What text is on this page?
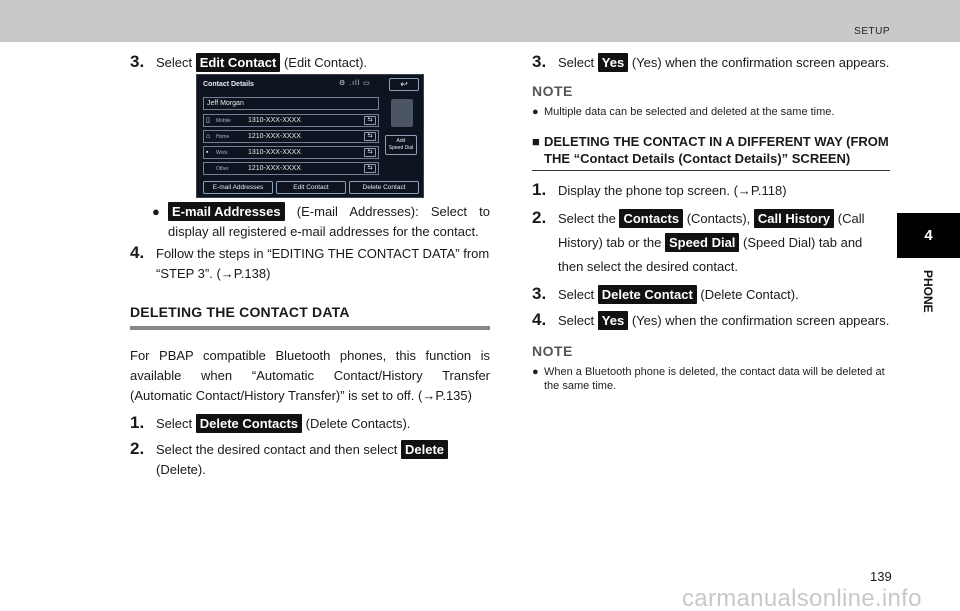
SETUP
4
PHONE
3. Select Edit Contact (Edit Contact).
Contact Details	⚙ .ıll ▭	↩
Jeff Morgan
▯	Mobile 1310-XXX-XXXX	⇆
⌂	Home	1210-XXX-XXXX	⇆
▪	Work	1310-XXX-XXXX	⇆
Other	1210-XXX-XXXX	⇆
Add
Speed Dial
E-mail Addresses	Edit Contact	Delete Contact
● E-mail Addresses (E-mail Addresses): Select to display all registered e-mail addresses for the contact.
4. Follow the steps in “EDITING THE CONTACT DATA” from “STEP 3”. (→P.138)
DELETING THE CONTACT DATA
For PBAP compatible Bluetooth phones, this function is available when “Automatic Contact/History Transfer (Automatic Contact/History Transfer)” is set to off. (→P.135)
1. Select Delete Contacts (Delete Contacts).
2. Select the desired contact and then select Delete (Delete).
3. Select Yes (Yes) when the confirmation screen appears.
NOTE
● Multiple data can be selected and deleted at the same time.
■ DELETING THE CONTACT IN A DIFFERENT WAY (FROM THE “Contact Details (Contact Details)” SCREEN)
1. Display the phone top screen. (→P.118)
2. Select the Contacts (Contacts), Call History (Call History) tab or the Speed Dial (Speed Dial) tab and then select the desired contact.
3. Select Delete Contact (Delete Contact).
4. Select Yes (Yes) when the confirmation screen appears.
NOTE
● When a Bluetooth phone is deleted, the contact data will be deleted at the same time.
139
carmanualsonline.info
